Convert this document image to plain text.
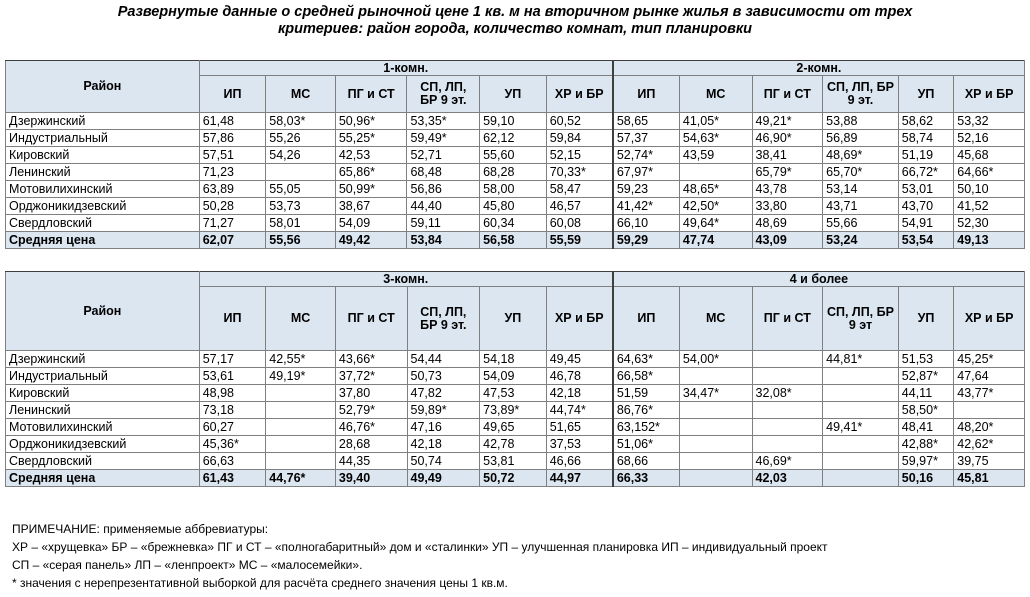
Развернутые данные о средней рыночной цене 1 кв. м на вторичном рынке жилья в зависимости от трех
критериев: район города, количество комнат, тип планировки
Район	1-комн.						2-комн.					
	ИП	МС	ПГ и СТ	СП, ЛП, БР 9 эт.	УП	ХР и БР	ИП	МС	ПГ и СТ	СП, ЛП, БР 9 эт.	УП	ХР и БР
Дзержинский	61,48	58,03*	50,96*	53,35*	59,10	60,52	58,65	41,05*	49,21*	53,88	58,62	53,32
Индустриальный	57,86	55,26	55,25*	59,49*	62,12	59,84	57,37	54,63*	46,90*	56,89	58,74	52,16
Кировский	57,51	54,26	42,53	52,71	55,60	52,15	52,74*	43,59	38,41	48,69*	51,19	45,68
Ленинский	71,23		65,86*	68,48	68,28	70,33*	67,97*		65,79*	65,70*	66,72*	64,66*
Мотовилихинский	63,89	55,05	50,99*	56,86	58,00	58,47	59,23	48,65*	43,78	53,14	53,01	50,10
Орджоникидзевский	50,28	53,73	38,67	44,40	45,80	46,57	41,42*	42,50*	33,80	43,71	43,70	41,52
Свердловский	71,27	58,01	54,09	59,11	60,34	60,08	66,10	49,64*	48,69	55,66	54,91	52,30
Средняя цена	62,07	55,56	49,42	53,84	56,58	55,59	59,29	47,74	43,09	53,24	53,54	49,13
Район	3-комн.						4 и более					
	ИП	МС	ПГ и СТ	СП, ЛП, БР 9 эт.	УП	ХР и БР	ИП	МС	ПГ и СТ	СП, ЛП, БР 9 эт	УП	ХР и БР
Дзержинский	57,17	42,55*	43,66*	54,44	54,18	49,45	64,63*	54,00*		44,81*	51,53	45,25*
Индустриальный	53,61	49,19*	37,72*	50,73	54,09	46,78	66,58*				52,87*	47,64
Кировский	48,98		37,80	47,82	47,53	42,18	51,59	34,47*	32,08*		44,11	43,77*
Ленинский	73,18		52,79*	59,89*	73,89*	44,74*	86,76*				58,50*	
Мотовилихинский	60,27		46,76*	47,16	49,65	51,65	63,152*			49,41*	48,41	48,20*
Орджоникидзевский	45,36*		28,68	42,18	42,78	37,53	51,06*				42,88*	42,62*
Свердловский	66,63		44,35	50,74	53,81	46,66	68,66		46,69*		59,97*	39,75
Средняя цена	61,43	44,76*	39,40	49,49	50,72	44,97	66,33		42,03		50,16	45,81

ПРИМЕЧАНИЕ: применяемые аббревиатуры:

ХР – «хрущевка» БР – «брежневка» ПГ и СТ – «полногабаритный» дом и «сталинки» УП – улучшенная планировка ИП – индивидуальный проект

СП – «серая панель» ЛП – «ленпроект» МС – «малосемейки».

* значения с нерепрезентативной выборкой для расчёта среднего значения цены 1 кв.м.
